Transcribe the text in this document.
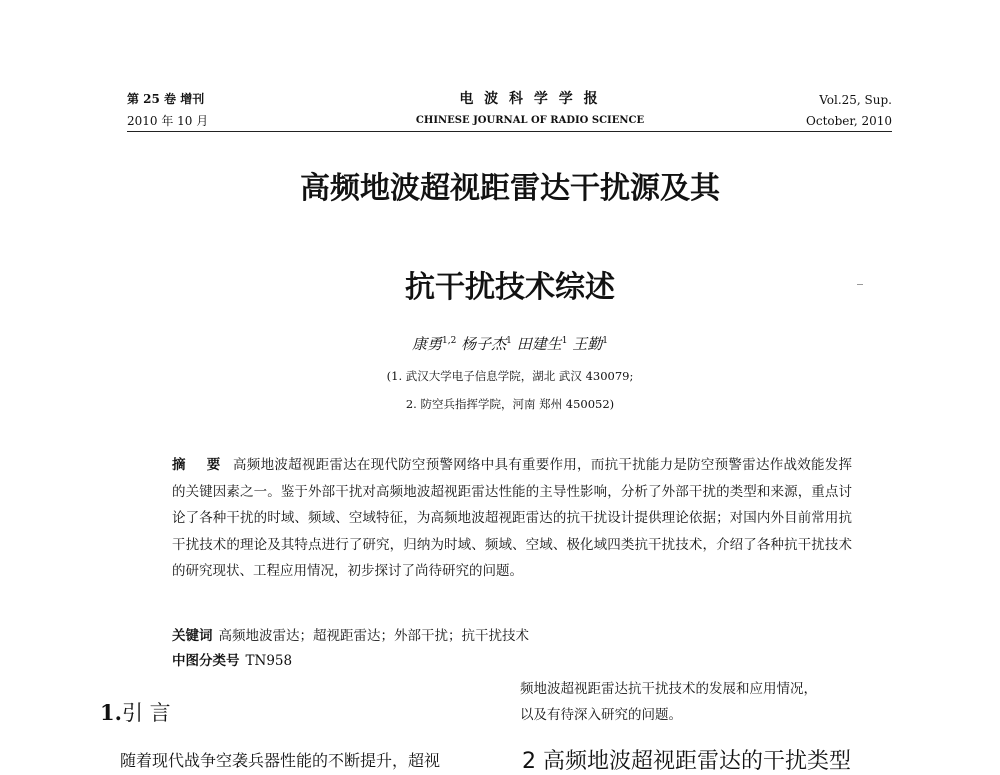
第 25 卷 增刊
2010 年 10 月
电 波 科 学 学 报
CHINESE JOURNAL OF RADIO SCIENCE
Vol.25, Sup.
October, 2010
高频地波超视距雷达干扰源及其
抗干扰技术综述
康勇$^{1,2}$ 杨子杰$^1$ 田建生$^1$ 王勤$^1$
(1. 武汉大学电子信息学院，湖北 武汉 430079;
2. 防空兵指挥学院，河南 郑州 450052)
摘 要 高频地波超视距雷达在现代防空预警网络中具有重要作用，而抗干扰能力是防空预警雷达作战效能发挥的关键因素之一。鉴于外部干扰对高频地波超视距雷达性能的主导性影响，分析了外部干扰的类型和来源，重点讨论了各种干扰的时域、频域、空域特征，为高频地波超视距雷达的抗干扰设计提供理论依据；对国内外目前常用抗干扰技术的理论及其特点进行了研究，归纳为时域、频域、空域、极化域四类抗干扰技术，介绍了各种抗干扰技术的研究现状、工程应用情况，初步探讨了尚待研究的问题。
关键词 高频地波雷达；超视距雷达；外部干扰；抗干扰技术
中图分类号 TN958
1.引 言
频地波超视距雷达抗干扰技术的发展和应用情况，
以及有待深入研究的问题。
随着现代战争空袭兵器性能的不断提升，超视	2 高频地波超视距雷达的干扰类型
